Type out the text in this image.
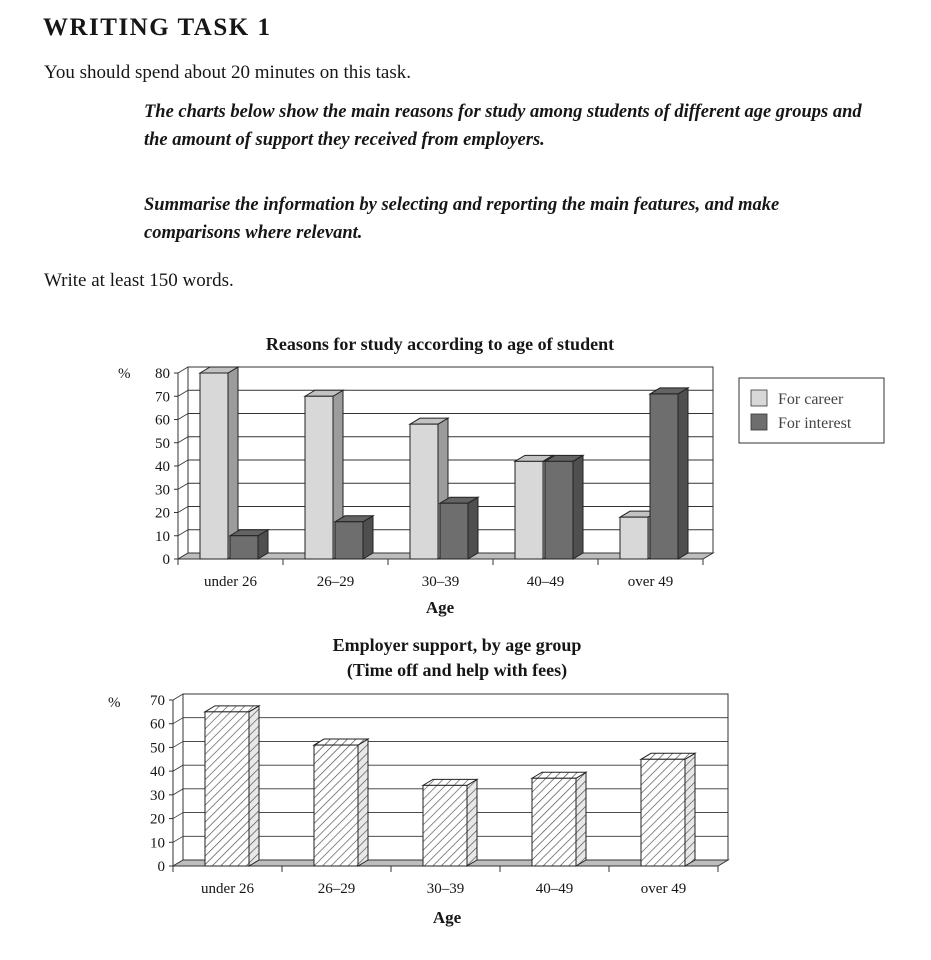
WRITING TASK 1

You should spend about 20 minutes on this task.

The charts below show the main reasons for study among students of different age groups and the amount of support they received from employers.

Summarise the information by selecting and reporting the main features, and make comparisons where relevant.

Write at least 150 words.

Reasons for study according to age of student
%
0
10
20
30
40
50
60
70
80
under 26	26–29	30–39	40–49	over 49
Age
For career
For interest
Employer support, by age group
(Time off and help with fees)
%
0
10
20
30
40
50
60
70
under 26	26–29	30–39	40–49	over 49
Age
